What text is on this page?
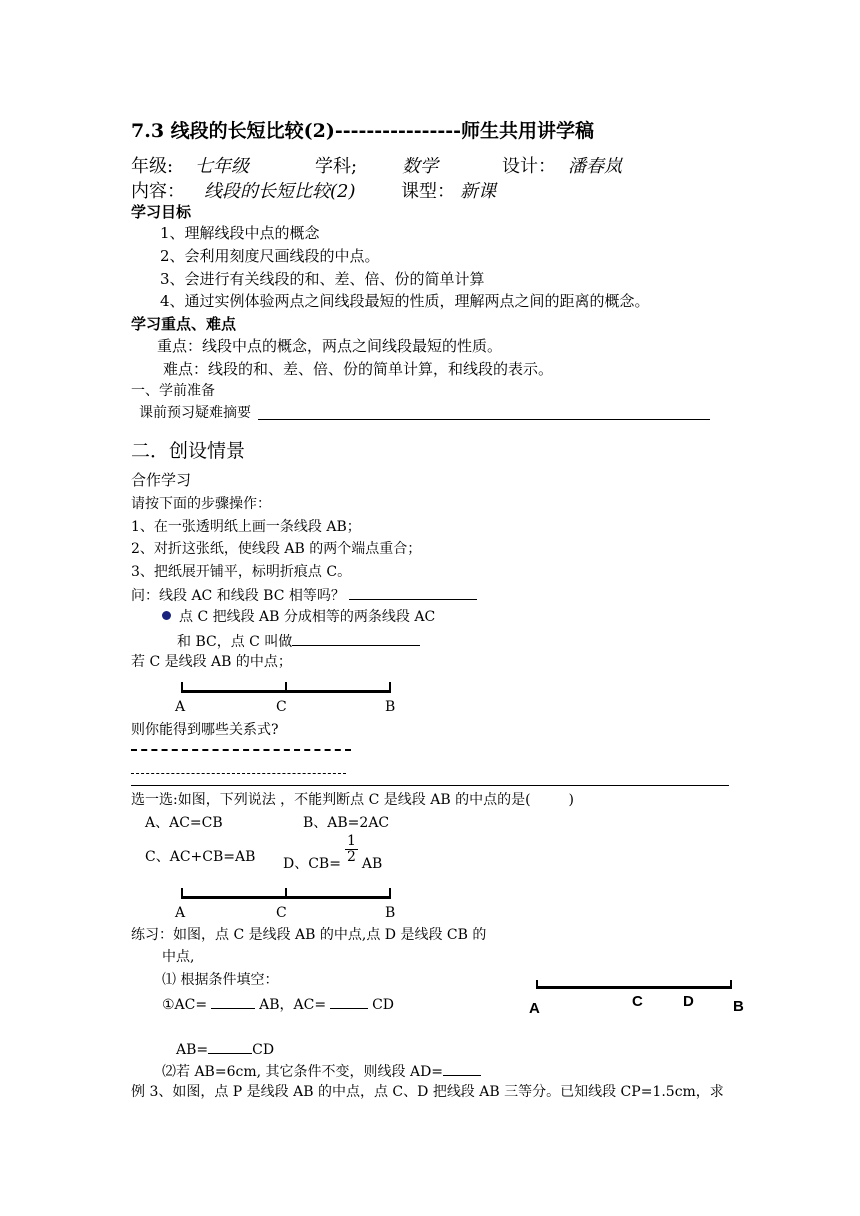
7.3 线段的长短比较(2)----------------师生共用讲学稿
年级: 七年级	学科; 数学	设计： 潘春岚
内容： 线段的长短比较(2)	课型： 新课
学习目标
1、理解线段中点的概念
2、会利用刻度尺画线段的中点。
3、会进行有关线段的和、差、倍、份的简单计算
4、通过实例体验两点之间线段最短的性质，理解两点之间的距离的概念。
学习重点、难点
重点：线段中点的概念，两点之间线段最短的性质。
难点：线段的和、差、倍、份的简单计算，和线段的表示。
一、学前准备
课前预习疑难摘要
二．创设情景
合作学习
请按下面的步骤操作：
1、在一张透明纸上画一条线段 AB；
2、对折这张纸，使线段 AB 的两个端点重合；
3、把纸展开铺平，标明折痕点 C。
问：线段 AC 和线段 BC 相等吗？
点 C 把线段 AB 分成相等的两条线段 AC
和 BC，点 C 叫做
若 C 是线段 AB 的中点；
A	C	B
则你能得到哪些关系式?
选一选:如图，下列说法 ，不能判断点 C 是线段 AB 的中点的是(	)
A、AC=CB	B、AB=2AC
C、AC+CB=AB D、$CB= \frac{1}{2}$ AB
A	C	B
练习：如图，点 C 是线段 AB 的中点,点 D 是线段 CB 的
中点,
⑴ 根据条件填空：
①AC=	AB，AC=	CD
AB=	CD
⑵若 AB=6cm, 其它条件不变，则线段 AD=
例 3、如图，点 P 是线段 AB 的中点，点 C、D 把线段 AB 三等分。已知线段 CP=1.5cm，求
A	C	D	B
